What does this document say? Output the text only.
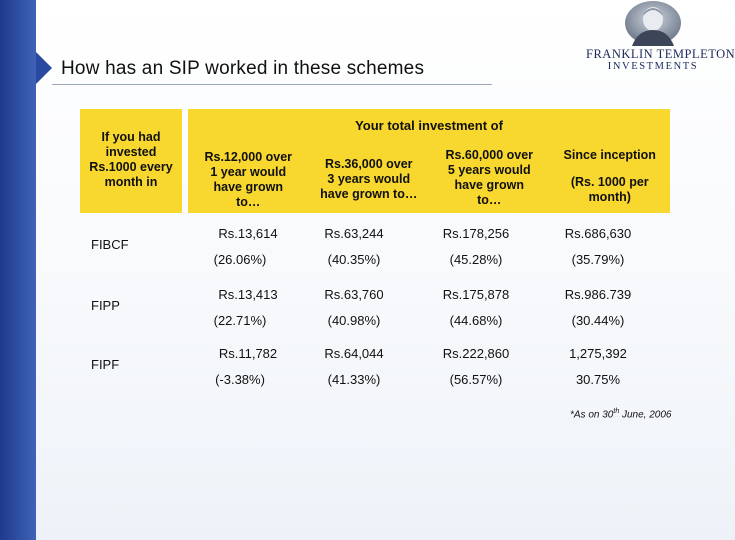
How has an SIP worked in these schemes
FRANKLIN TEMPLETON
INVESTMENTS
If you had
invested
Rs.1000 every
month in
Your total investment of
Rs.12,000 over
1 year would
have grown
to…
Rs.36,000 over
3 years would
have grown to…
Rs.60,000 over
5 years would
have grown
to…
Since inception
(Rs. 1000 per month)
FIBCF
Rs.13,614	Rs.63,244	Rs.178,256	Rs.686,630
(26.06%)	(40.35%)	(45.28%)	(35.79%)
FIPP
Rs.13,413	Rs.63,760	Rs.175,878	Rs.986.739
(22.71%)	(40.98%)	(44.68%)	(30.44%)
FIPF
Rs.11,782	Rs.64,044	Rs.222,860	1,275,392
(-3.38%)	(41.33%)	(56.57%)	30.75%
*As on 30th June, 2006
